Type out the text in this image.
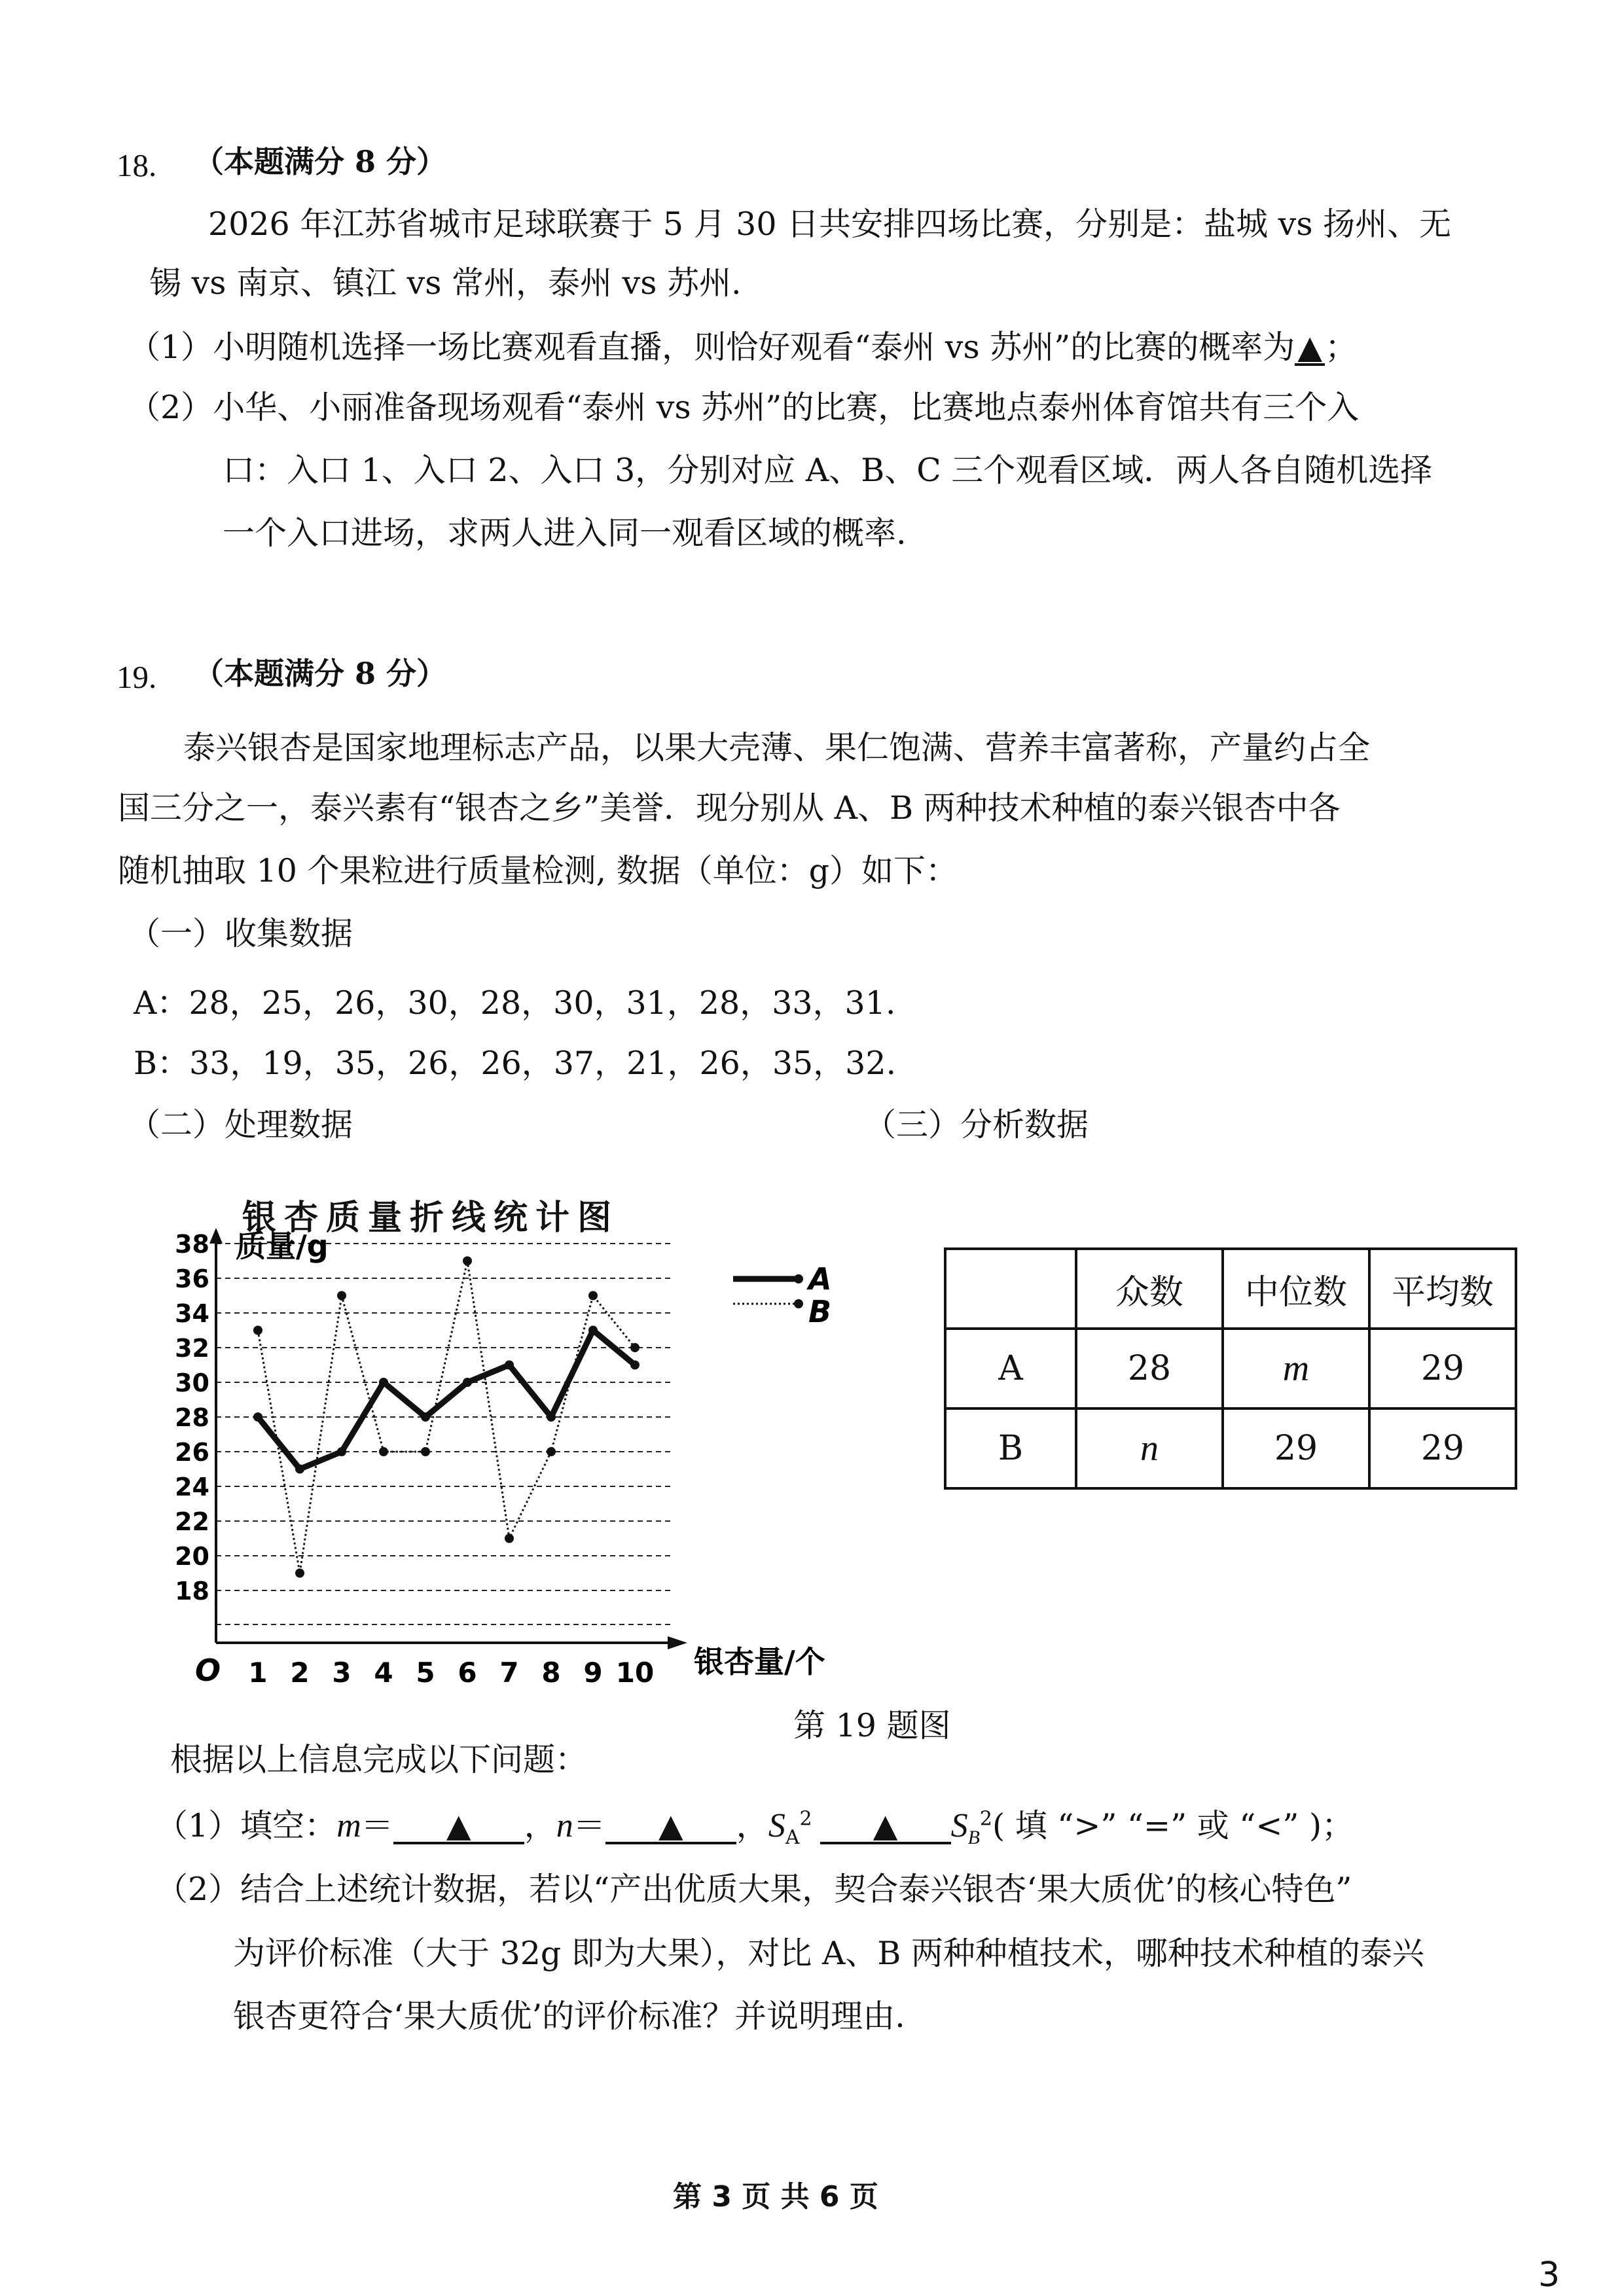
18. （本题满分 8 分）
2026 年江苏省城市足球联赛于 5 月 30 日共安排四场比赛，分别是：盐城 vs 扬州、无
锡 vs 南京、镇江 vs 常州，泰州 vs 苏州.
（1）小明随机选择一场比赛观看直播，则恰好观看“泰州 vs 苏州”的比赛的概率为▲；
（2）小华、小丽准备现场观看“泰州 vs 苏州”的比赛，比赛地点泰州体育馆共有三个入
口：入口 1、入口 2、入口 3，分别对应 A、B、C 三个观看区域．两人各自随机选择
一个入口进场，求两人进入同一观看区域的概率.
19. （本题满分 8 分）
泰兴银杏是国家地理标志产品，以果大壳薄、果仁饱满、营养丰富著称，产量约占全
国三分之一，泰兴素有“银杏之乡”美誉．现分别从 A、B 两种技术种植的泰兴银杏中各
随机抽取 10 个果粒进行质量检测, 数据（单位：g）如下：
（一）收集数据
A：28，25，26，30，28，30，31，28，33，31.
B：33，19，35，26，26，37，21，26，35，32.
（二）处理数据	（三）分析数据
银杏质量折线统计图
18
20
22
24
26
28
30
32
34
36
38
1 2 3 4 5 6 7 8 9 10
A
B
质量/g
银杏量/个
O
	众数	中位数	平均数
A	28	m	29
B	n	29	29
第 19 题图
根据以上信息完成以下问题：
（1）填空：m＝ ▲ ，n＝ ▲ ，$S_A^2$ ▲ $S_B^2$( 填 “>” “=” 或 “<” )；
（2）结合上述统计数据，若以“产出优质大果，契合泰兴银杏‘果大质优’的核心特色”
为评价标准（大于 32g 即为大果），对比 A、B 两种种植技术，哪种技术种植的泰兴
银杏更符合‘果大质优’的评价标准？并说明理由.
第 3 页 共 6 页
3
